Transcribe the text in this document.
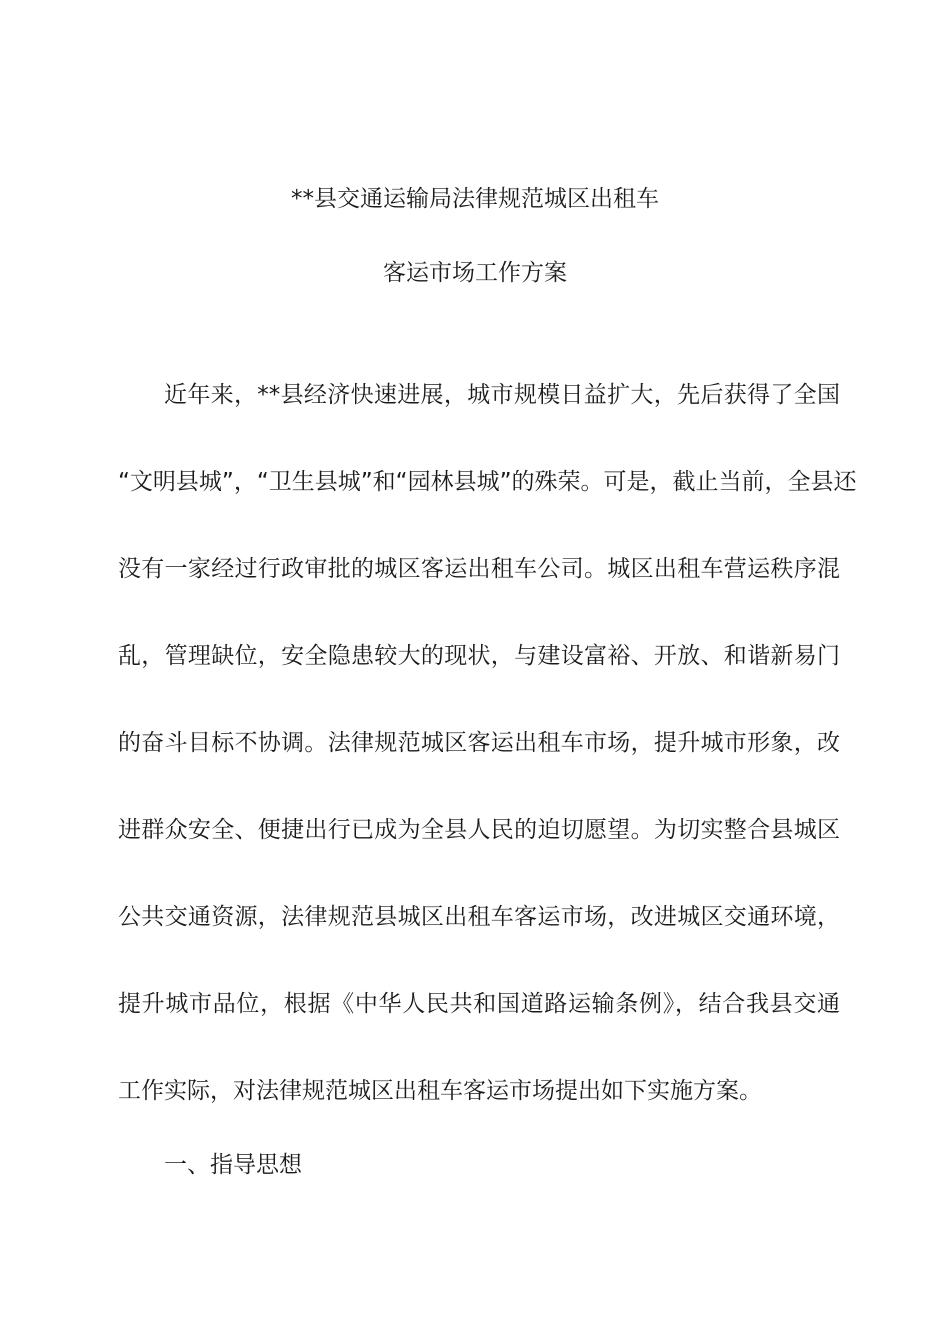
**县交通运输局法律规范城区出租车
客运市场工作方案
近年来，**县经济快速进展，城市规模日益扩大，先后获得了全国
“文明县城”，“卫生县城”和“园林县城”的殊荣。可是，截止当前，全县还
没有一家经过行政审批的城区客运出租车公司。城区出租车营运秩序混
乱，管理缺位，安全隐患较大的现状，与建设富裕、开放、和谐新易门
的奋斗目标不协调。法律规范城区客运出租车市场，提升城市形象，改
进群众安全、便捷出行已成为全县人民的迫切愿望。为切实整合县城区
公共交通资源，法律规范县城区出租车客运市场，改进城区交通环境，
提升城市品位，根据《中华人民共和国道路运输条例》，结合我县交通
工作实际，对法律规范城区出租车客运市场提出如下实施方案。
一、指导思想
